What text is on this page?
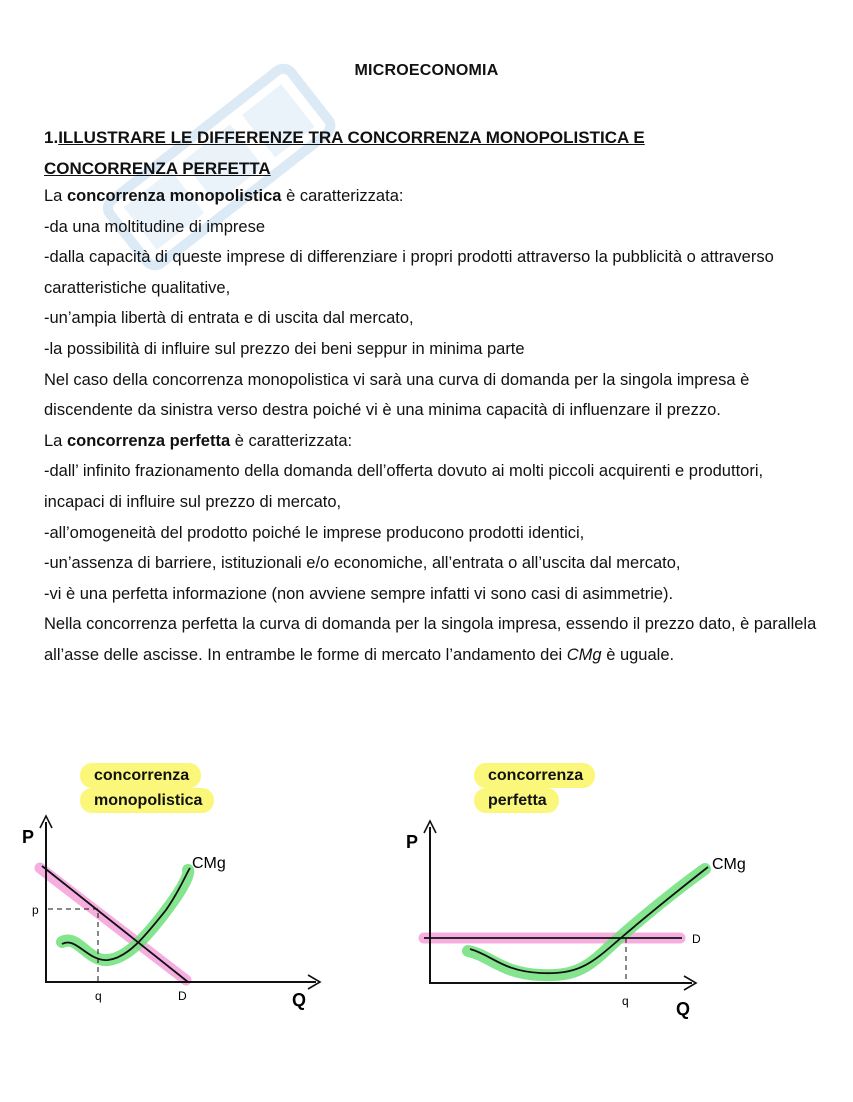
MICROECONOMIA
1.ILLUSTRARE LE DIFFERENZE TRA CONCORRENZA MONOPOLISTICA E
CONCORRENZA PERFETTA

La concorrenza monopolistica è caratterizzata:

-da una moltitudine di imprese

-dalla capacità di queste imprese di differenziare i propri prodotti attraverso la pubblicità o attraverso caratteristiche qualitative,

-un’ampia libertà di entrata e di uscita dal mercato,

-la possibilità di influire sul prezzo dei beni seppur in minima parte

Nel caso della concorrenza monopolistica vi sarà una curva di domanda per la singola impresa è discendente da sinistra verso destra poiché vi è una minima capacità di influenzare il prezzo.

La concorrenza perfetta è caratterizzata:

-dall’ infinito frazionamento della domanda dell’offerta dovuto ai molti piccoli acquirenti e produttori, incapaci di influire sul prezzo di mercato,

-all’omogeneità del prodotto poiché le imprese producono prodotti identici,

-un’assenza di barriere, istituzionali e/o economiche, all’entrata o all’uscita dal mercato,

-vi è una perfetta informazione (non avviene sempre infatti vi sono casi di asimmetrie).

Nella concorrenza perfetta la curva di domanda per la singola impresa, essendo il prezzo dato, è parallela all’asse delle ascisse. In entrambe le forme di mercato l’andamento dei CMg è uguale.

concorrenza
monopolistica
concorrenza
perfetta
P
Q
CMg
p
q	D
P
Q
CMg
D
q
